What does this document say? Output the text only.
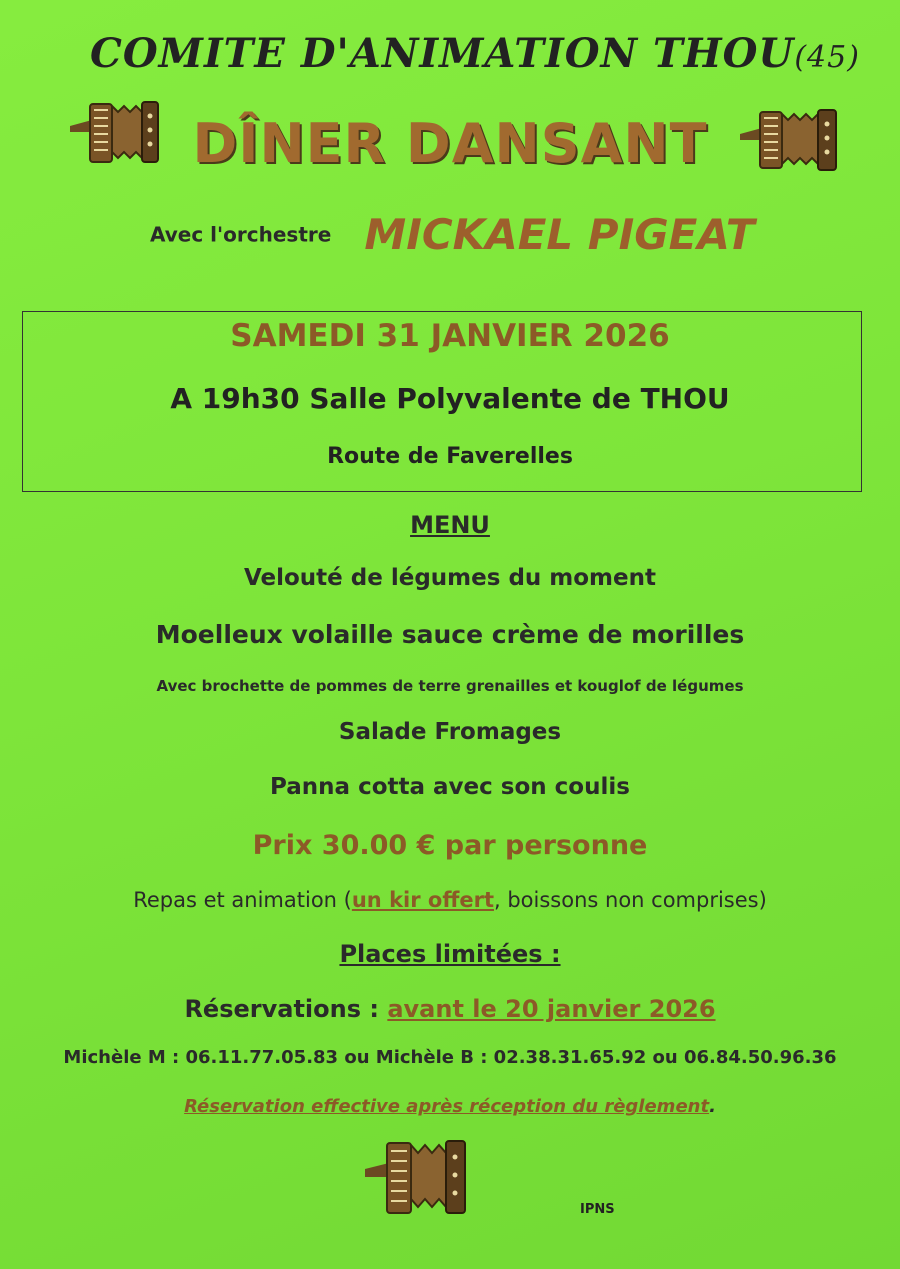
COMITE D'ANIMATION THOU(45)
DÎNER DANSANT
Avec l'orchestre MICKAEL PIGEAT
SAMEDI 31 JANVIER 2026
A 19h30 Salle Polyvalente de THOU
Route de Faverelles
MENU
Velouté de légumes du moment
Moelleux volaille sauce crème de morilles
Avec brochette de pommes de terre grenailles et kouglof de légumes
Salade Fromages
Panna cotta avec son coulis
Prix 30.00 € par personne
Repas et animation (un kir offert, boissons non comprises)
Places limitées :
Réservations : avant le 20 janvier 2026
Michèle M : 06.11.77.05.83 ou Michèle B : 02.38.31.65.92 ou 06.84.50.96.36
Réservation effective après réception du règlement.
IPNS
